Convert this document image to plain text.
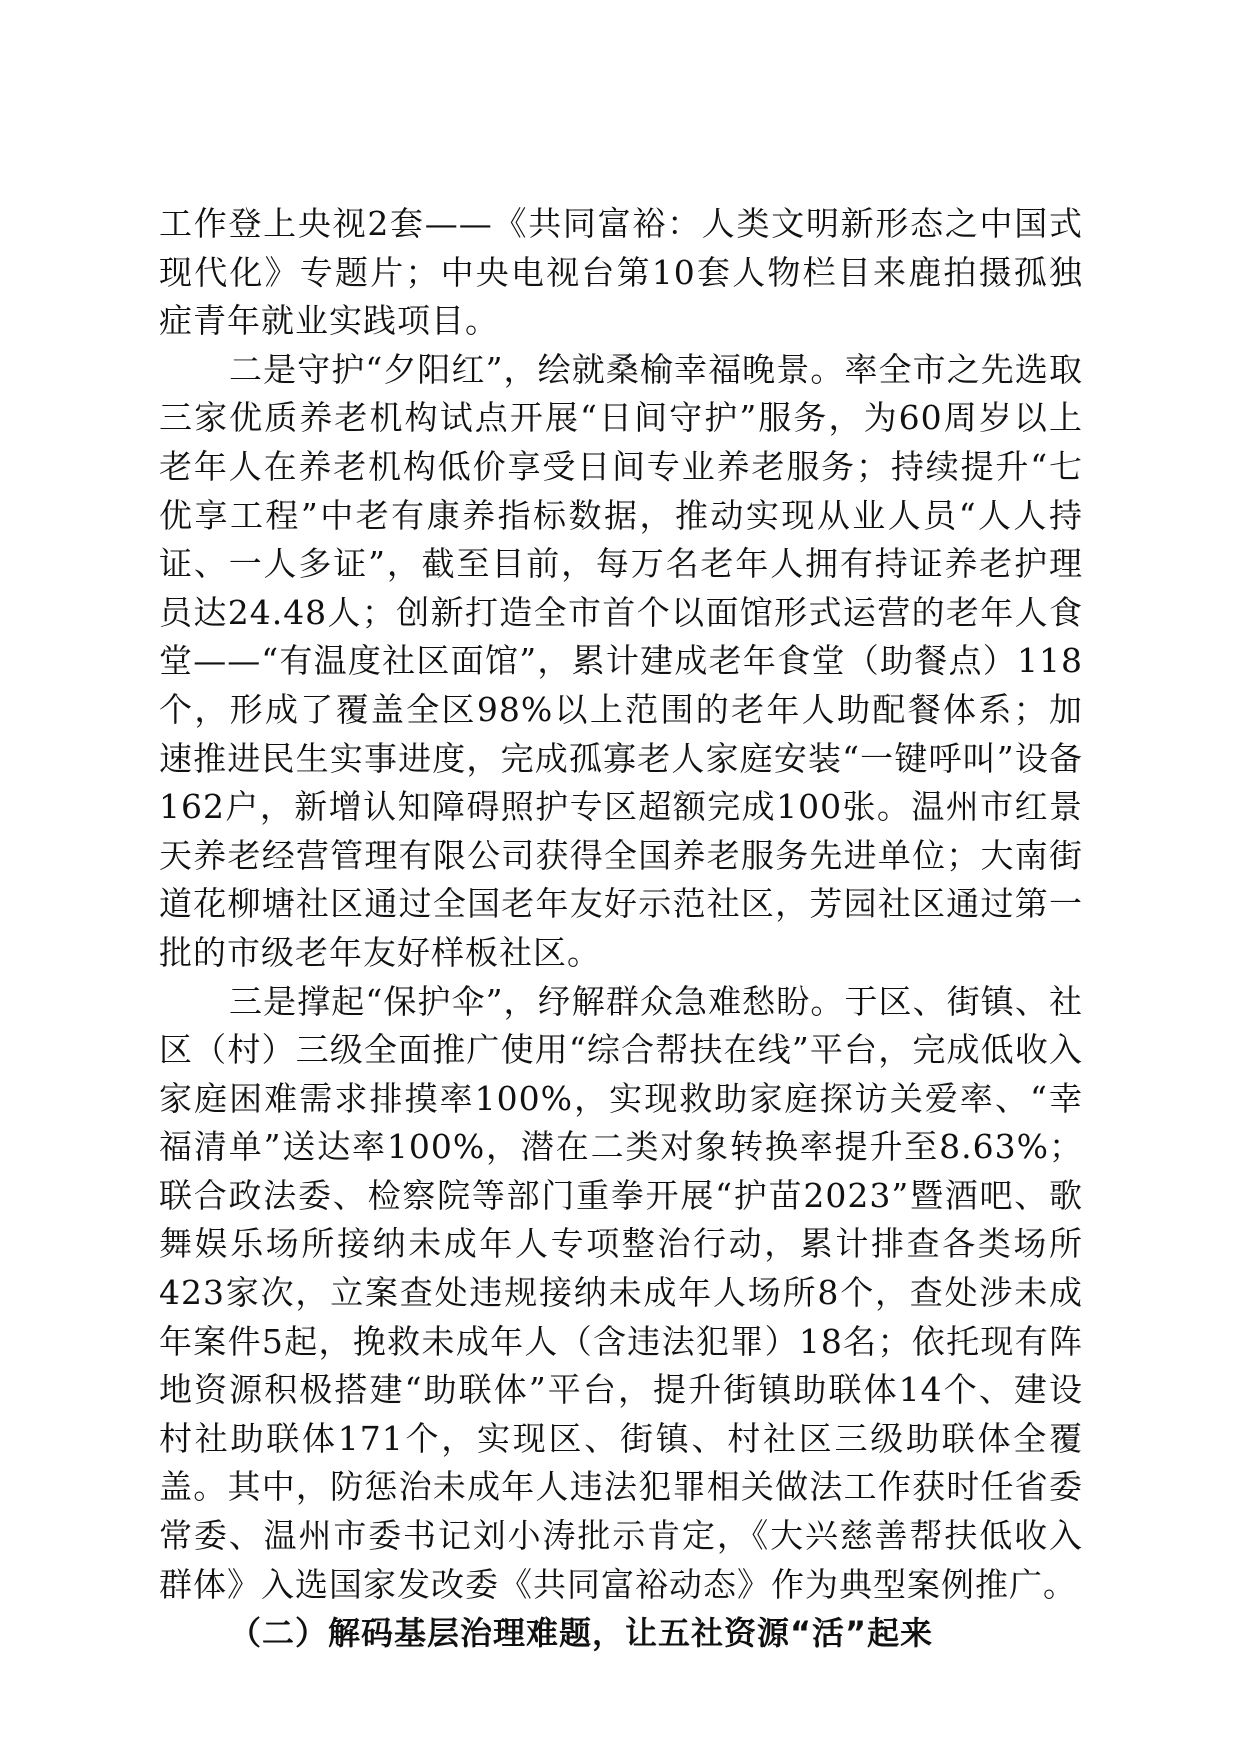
工作登上央视2套——《共同富裕：人类文明新形态之中国式现代化》专题片；中央电视台第10套人物栏目来鹿拍摄孤独症青年就业实践项目。

二是守护“夕阳红”，绘就桑榆幸福晚景。率全市之先选取三家优质养老机构试点开展“日间守护”服务，为60周岁以上老年人在养老机构低价享受日间专业养老服务；持续提升“七优享工程”中老有康养指标数据，推动实现从业人员“人人持证、一人多证”，截至目前，每万名老年人拥有持证养老护理员达24.48人；创新打造全市首个以面馆形式运营的老年人食堂——“有温度社区面馆”，累计建成老年食堂（助餐点）118个，形成了覆盖全区98%以上范围的老年人助配餐体系；加速推进民生实事进度，完成孤寡老人家庭安装“一键呼叫”设备162户，新增认知障碍照护专区超额完成100张。温州市红景天养老经营管理有限公司获得全国养老服务先进单位；大南街道花柳塘社区通过全国老年友好示范社区，芳园社区通过第一批的市级老年友好样板社区。

三是撑起“保护伞”，纾解群众急难愁盼。于区、街镇、社区（村）三级全面推广使用“综合帮扶在线”平台，完成低收入家庭困难需求排摸率100%，实现救助家庭探访关爱率、“幸福清单”送达率100%，潜在二类对象转换率提升至8.63%；联合政法委、检察院等部门重拳开展“护苗2023”暨酒吧、歌舞娱乐场所接纳未成年人专项整治行动，累计排查各类场所423家次，立案查处违规接纳未成年人场所8个，查处涉未成年案件5起，挽救未成年人（含违法犯罪）18名；依托现有阵地资源积极搭建“助联体”平台，提升街镇助联体14个、建设村社助联体171个，实现区、街镇、村社区三级助联体全覆盖。其中，防惩治未成年人违法犯罪相关做法工作获时任省委常委、温州市委书记刘小涛批示肯定，《大兴慈善帮扶低收入群体》入选国家发改委《共同富裕动态》作为典型案例推广。

（二）解码基层治理难题，让五社资源“活”起来
